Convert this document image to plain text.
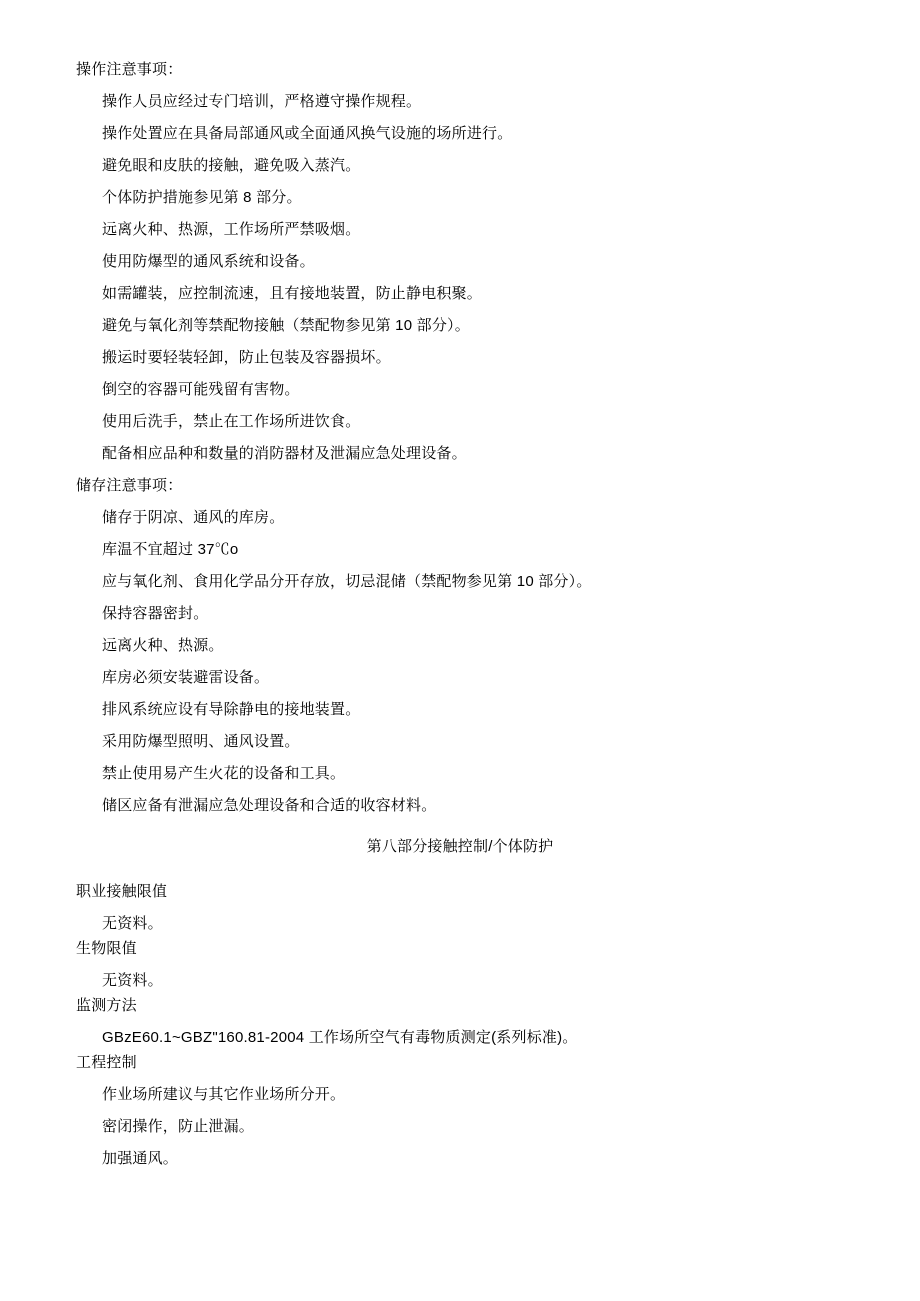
操作注意事项：
操作人员应经过专门培训，严格遵守操作规程。
操作处置应在具备局部通风或全面通风换气设施的场所进行。
避免眼和皮肤的接触，避免吸入蒸汽。
个体防护措施参见第 8 部分。
远离火种、热源，工作场所严禁吸烟。
使用防爆型的通风系统和设备。
如需罐装，应控制流速，且有接地装置，防止静电积聚。
避免与氧化剂等禁配物接触（禁配物参见第 10 部分）。
搬运时要轻装轻卸，防止包装及容器损坏。
倒空的容器可能残留有害物。
使用后洗手，禁止在工作场所进饮食。
配备相应品种和数量的消防器材及泄漏应急处理设备。
储存注意事项：
储存于阴凉、通风的库房。
库温不宜超过 37℃o
应与氧化剂、食用化学品分开存放，切忌混储（禁配物参见第 10 部分）。
保持容器密封。
远离火种、热源。
库房必须安装避雷设备。
排风系统应设有导除静电的接地装置。
采用防爆型照明、通风设置。
禁止使用易产生火花的设备和工具。
储区应备有泄漏应急处理设备和合适的收容材料。
第八部分接触控制/个体防护
职业接触限值
无资料。
生物限值
无资料。
监测方法
GBzE60.1~GBZ"160.81-2004 工作场所空气有毒物质测定(系列标准)。
工程控制
作业场所建议与其它作业场所分开。
密闭操作，防止泄漏。
加强通风。
